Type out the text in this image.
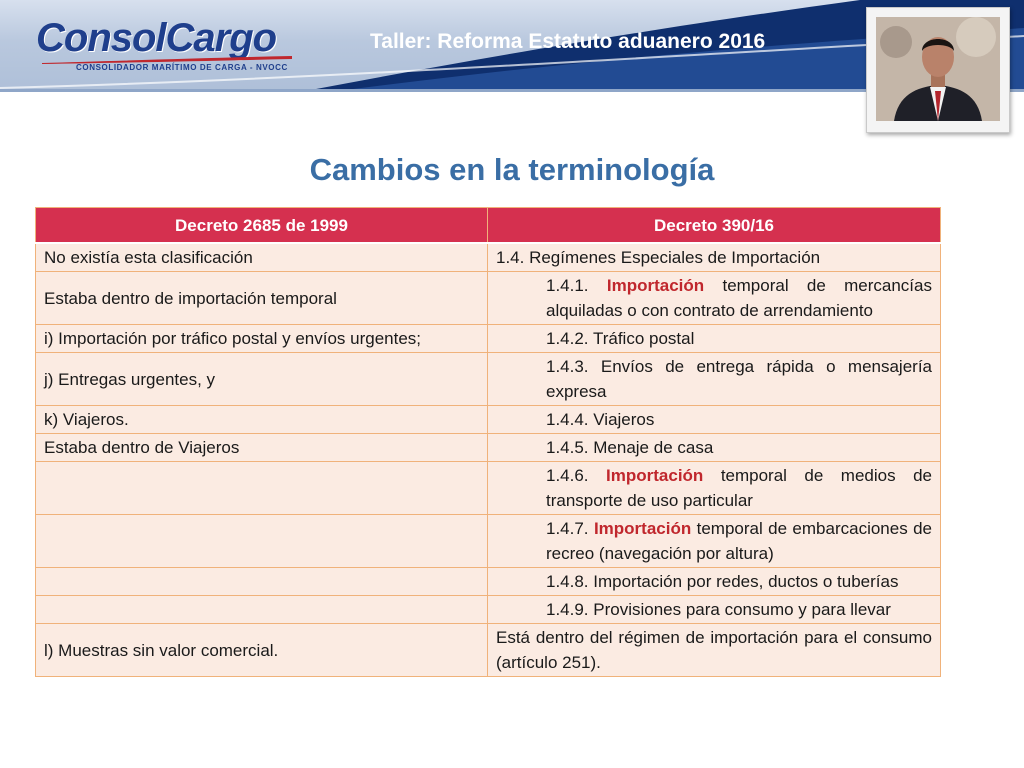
ConsolCargo
CONSOLIDADOR MARÍTIMO DE CARGA - NVOCC
Taller: Reforma Estatuto aduanero 2016
Cambios en la terminología
Decreto 2685 de 1999	Decreto 390/16
No existía esta clasificación	1.4. Regímenes Especiales de Importación
Estaba dentro de importación temporal	1.4.1. Importación temporal de mercancías alquiladas o con contrato de arrendamiento
i) Importación por tráfico postal y envíos urgentes;	1.4.2. Tráfico postal
j) Entregas urgentes, y	1.4.3. Envíos de entrega rápida o mensajería expresa
k) Viajeros.	1.4.4. Viajeros
Estaba dentro de Viajeros	1.4.5. Menaje de casa
	1.4.6. Importación temporal de medios de transporte de uso particular
	1.4.7. Importación temporal de embarcaciones de recreo (navegación por altura)
	1.4.8. Importación por redes, ductos o tuberías
	1.4.9. Provisiones para consumo y para llevar
l) Muestras sin valor comercial.	Está dentro del régimen de importación para el consumo (artículo 251).
